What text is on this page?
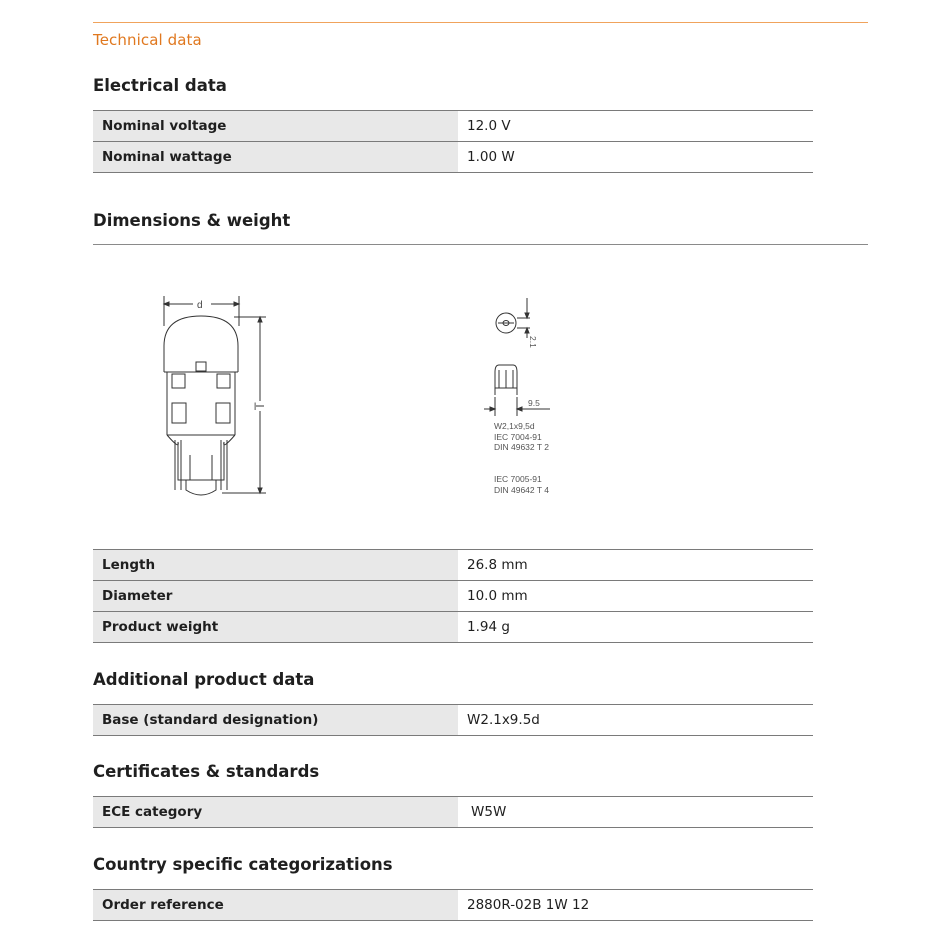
Technical data
Electrical data
Nominal voltage	12.0 V
Nominal wattage	1.00 W
Dimensions & weight
d
l
2.1
9.5
W2,1x9,5d
IEC 7004-91
DIN 49632 T 2
IEC 7005-91
DIN 49642 T 4
Length	26.8 mm
Diameter	10.0 mm
Product weight	1.94 g
Additional product data
Base (standard designation)	W2.1x9.5d
Certificates & standards
ECE category	W5W
Country specific categorizations
Order reference	2880R-02B 1W 12
